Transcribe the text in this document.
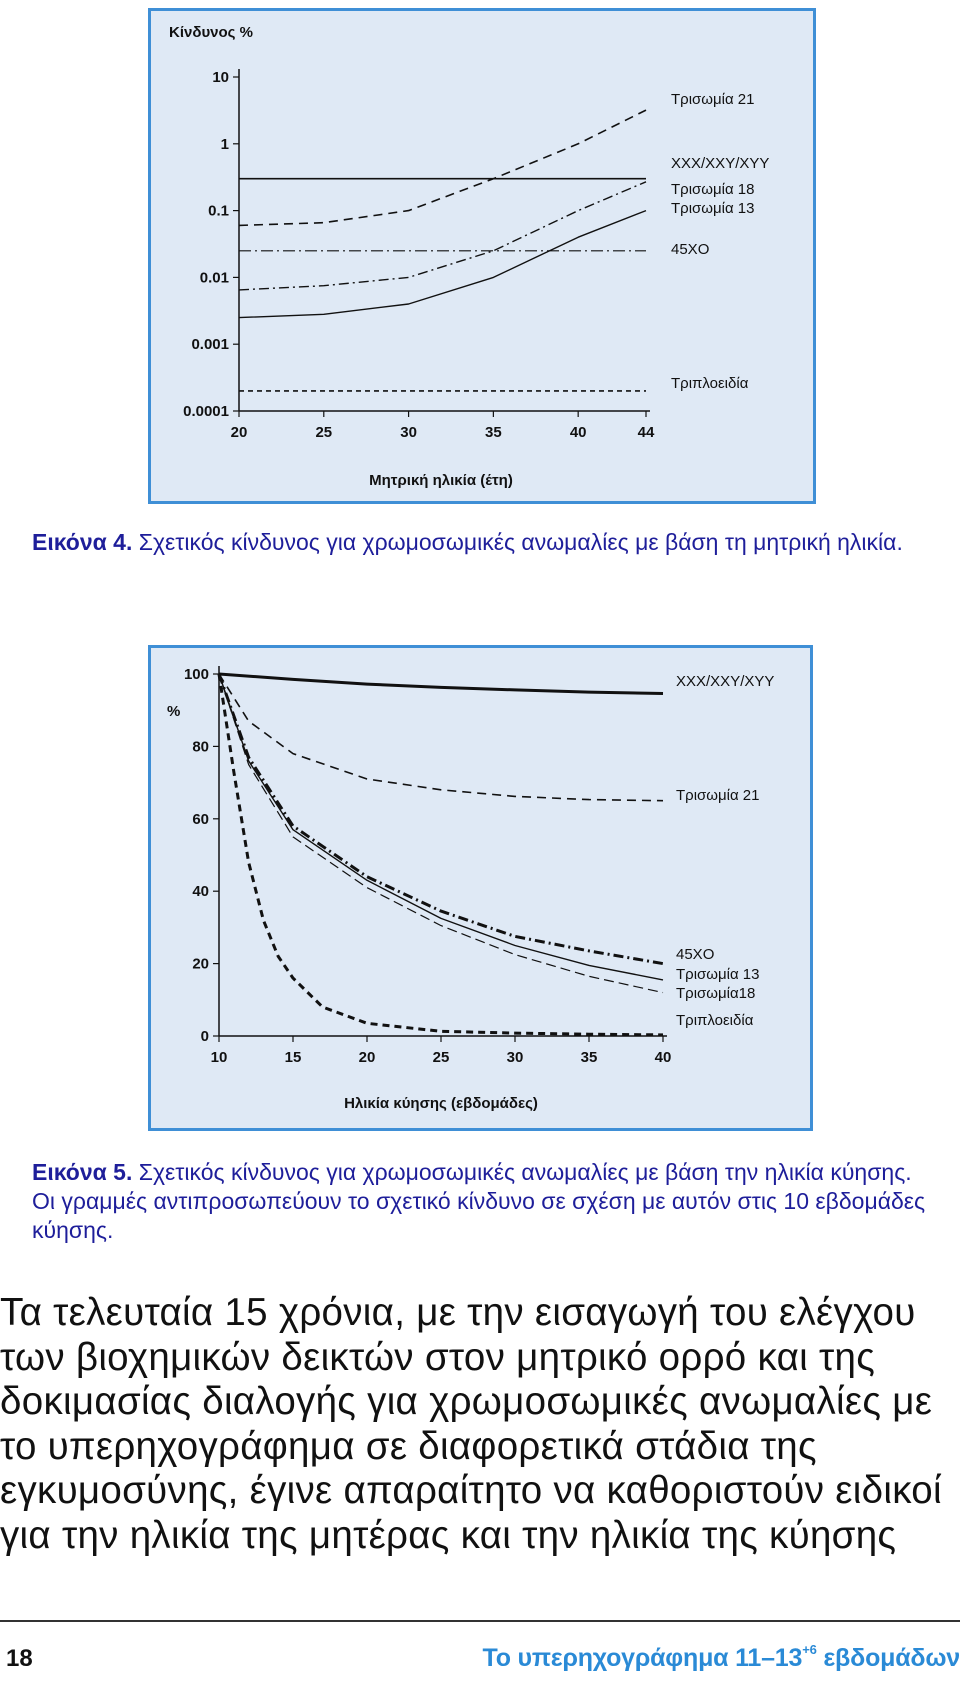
10
1
0.1
0.01
0.001
0.0001
20	25	30	35	40	44
Τρισωμία 21
XXX/XXY/XYY
Τρισωμία 18
Τρισωμία 13
45XO
Τριπλοειδία
Κίνδυνος %
Μητρική ηλικία (έτη)
Εικόνα 4. Σχετικός κίνδυνος για χρωμοσωμικές ανωμαλίες με βάση τη μητρική ηλικία.
100
80
60
40
20
0
10	15	20	25	30	35	40
XXX/XXY/XYY
Τρισωμία 21
45XO
Τρισωμία 13
Τρισωμία18
Τριπλοειδία
%
Ηλικία κύησης (εβδομάδες)
Εικόνα 5. Σχετικός κίνδυνος για χρωμοσωμικές ανωμαλίες με βάση την ηλικία κύησης. Οι γραμμές αντιπροσωπεύουν το σχετικό κίνδυνο σε σχέση με αυτόν στις 10 εβδομάδες κύησης.

Τα τελευταία 15 χρόνια, με την εισαγωγή του ελέγχου των βιοχημικών δεικτών στον μητρικό ορρό και της δοκιμασίας διαλογής για χρωμοσωμικές ανωμαλίες με το υπερηχογράφημα σε διαφορετικά στάδια της εγκυμοσύνης, έγινε απαραίτητο να καθοριστούν ειδικοί για την ηλικία της μητέρας και την ηλικία της κύησης

18	Το υπερηχογράφημα $11-13^{+6}$ εβδομάδων
